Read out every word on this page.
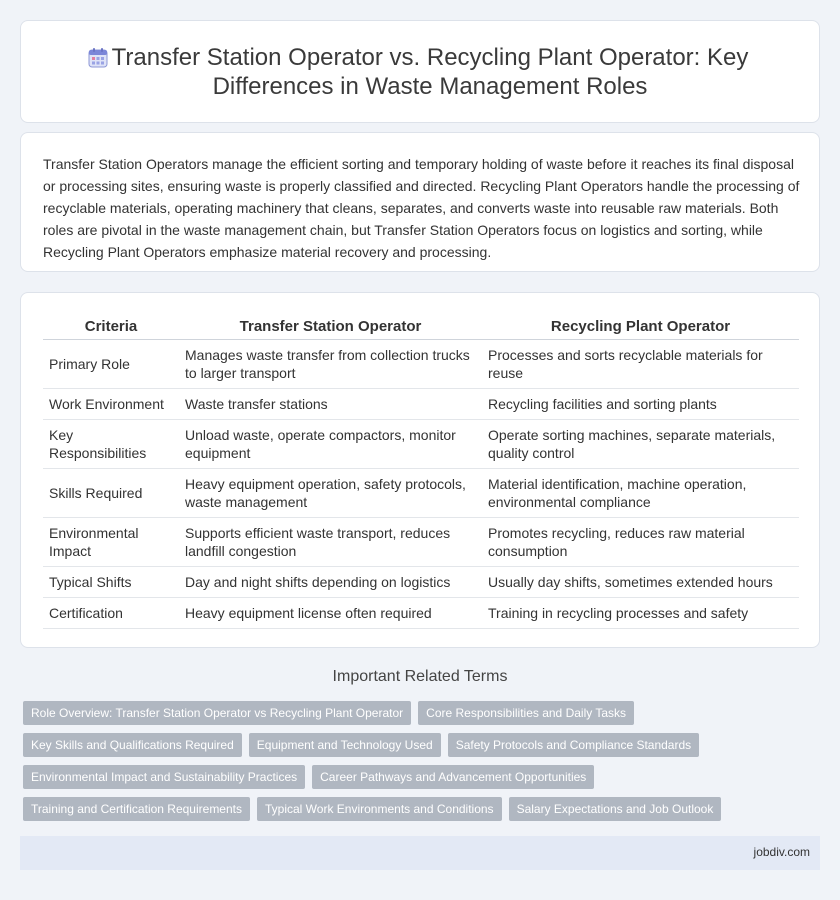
Transfer Station Operator vs. Recycling Plant Operator: Key Differences in Waste Management Roles

Transfer Station Operators manage the efficient sorting and temporary holding of waste before it reaches its final disposal or processing sites, ensuring waste is properly classified and directed. Recycling Plant Operators handle the processing of recyclable materials, operating machinery that cleans, separates, and converts waste into reusable raw materials. Both roles are pivotal in the waste management chain, but Transfer Station Operators focus on logistics and sorting, while Recycling Plant Operators emphasize material recovery and processing.

Criteria	Transfer Station Operator	Recycling Plant Operator
Primary Role	Manages waste transfer from collection trucks to larger transport	Processes and sorts recyclable materials for reuse
Work Environment	Waste transfer stations	Recycling facilities and sorting plants
Key Responsibilities	Unload waste, operate compactors, monitor equipment	Operate sorting machines, separate materials, quality control
Skills Required	Heavy equipment operation, safety protocols, waste management	Material identification, machine operation, environmental compliance
Environmental Impact	Supports efficient waste transport, reduces landfill congestion	Promotes recycling, reduces raw material consumption
Typical Shifts	Day and night shifts depending on logistics	Usually day shifts, sometimes extended hours
Certification	Heavy equipment license often required	Training in recycling processes and safety
Important Related Terms
Role Overview: Transfer Station Operator vs Recycling Plant Operator	Core Responsibilities and Daily Tasks
Key Skills and Qualifications Required	Equipment and Technology Used	Safety Protocols and Compliance Standards
Environmental Impact and Sustainability Practices	Career Pathways and Advancement Opportunities
Training and Certification Requirements	Typical Work Environments and Conditions	Salary Expectations and Job Outlook
jobdiv.com
